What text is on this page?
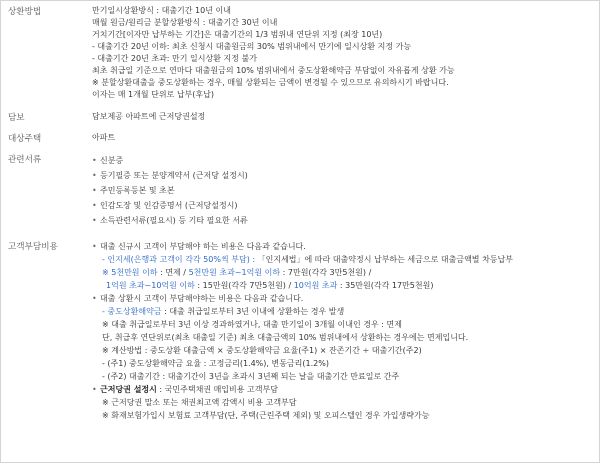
상환방법	만기일시상환방식 : 대출기간 10년 이내
매월 원금/원리금 분할상환방식 : 대출기간 30년 이내
거치기간[이자만 납부하는 기간]은 대출기간의 1/3 범위내 연단위 지정 (최장 10년)
- 대출기간 20년 이하: 최초 신청시 대출원금의 30% 범위내에서 만기에 일시상환 지정 가능
- 대출기간 20년 초과: 만기 일시상환 지정 불가
최초 취급일 기준으로 연마다 대출원금의 10% 범위내에서 중도상환해약금 부담없이 자유롭게 상환 가능
※ 분할상환대출을 중도상환하는 경우, 매월 상환되는 금액이 변경될 수 있으므로 유의하시기 바랍니다.
이자는 매 1개월 단위로 납부(후납)
담보	담보제공 아파트에 근저당권설정
대상주택	아파트
관련서류	• 신분증
• 등기필증 또는 분양계약서 (근저당 설정시)
• 주민등록등본 및 초본
• 인감도장 및 인감증명서 (근저당설정시)
• 소득관련서류(필요시) 등 기타 필요한 서류
고객부담비용	• 대출 신규시 고객이 부담해야 하는 비용은 다음과 같습니다.
- 인지세(은행과 고객이 각각 50%씩 부담) : 「인지세법」에 따라 대출약정시 납부하는 세금으로 대출금액별 차등납부
※ 5천만원 이하 : 면제 / 5천만원 초과~1억원 이하 : 7만원(각각 3만5천원) /
1억원 초과~10억원 이하 : 15만원(각각 7만5천원) / 10억원 초과 : 35만원(각각 17만5천원)
• 대출 상환시 고객이 부담해야하는 비용은 다음과 같습니다.
- 중도상환해약금 : 대출 취급일로부터 3년 이내에 상환하는 경우 발생
※ 대출 취급일로부터 3년 이상 경과하였거나, 대출 만기일이 3개월 이내인 경우 : 면제
단, 취급후 연단위로(최초 대출일 기준) 최초 대출금액의 10% 범위내에서 상환하는 경우에는 면제입니다.
※ 계산방법 : 중도상환 대출금액 × 중도상환해약금 요율(주1) × 잔존기간 ÷ 대출기간(주2)
- (주1) 중도상환해약금 요율 : 고정금리(1.4%), 변동금리(1.2%)
- (주2) 대출기간 : 대출기간이 3년을 초과시 3년째 되는 날을 대출기간 만료일로 간주
• 근저당권 설정시 : 국민주택채권 매입비용 고객부담
※ 근저당권 말소 또는 채권최고액 감액시 비용 고객부담
※ 화재보험가입시 보험료 고객부담(단, 주택(근린주택 제외) 및 오피스텔인 경우 가입생략가능
